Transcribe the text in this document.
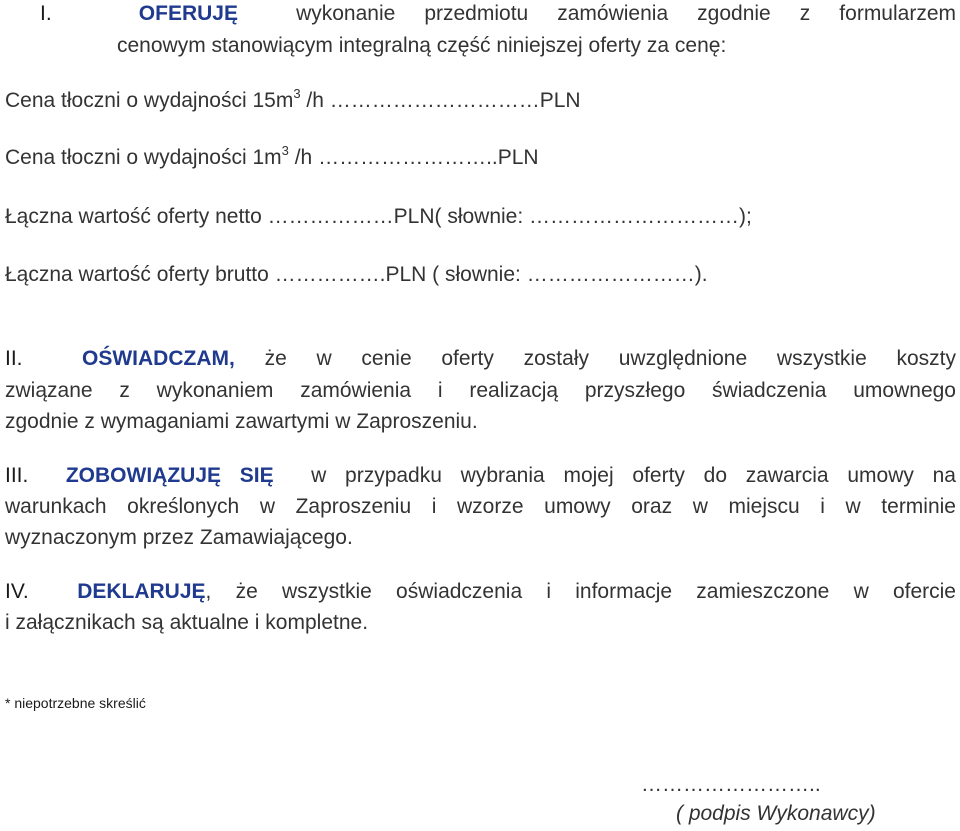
I.	OFERUJĘ	wykonanie przedmiotu zamówienia zgodnie z formularzem
cenowym stanowiącym integralną część niniejszej oferty za cenę:
Cena tłoczni o wydajności $15m^3$ /h …………………………PLN
Cena tłoczni o wydajności $1m^3$ /h ……………………..PLN
Łączna wartość oferty netto ………………PLN( słownie: …………………………);
Łączna wartość oferty brutto …………….PLN ( słownie: ……………………).
II.	OŚWIADCZAM, że w cenie oferty zostały uwzględnione wszystkie koszty
związane z wykonaniem zamówienia i realizacją przyszłego świadczenia umownego
zgodnie z wymaganiami zawartymi w Zaproszeniu.
III. ZOBOWIĄZUJĘ SIĘ w przypadku wybrania mojej oferty do zawarcia umowy na
warunkach określonych w Zaproszeniu i wzorze umowy oraz w miejscu i w terminie
wyznaczonym przez Zamawiającego.
IV. DEKLARUJĘ, że wszystkie oświadczenia i informacje zamieszczone w ofercie
i załącznikach są aktualne i kompletne.
* niepotrzebne skreślić
……………………..
( podpis Wykonawcy)
